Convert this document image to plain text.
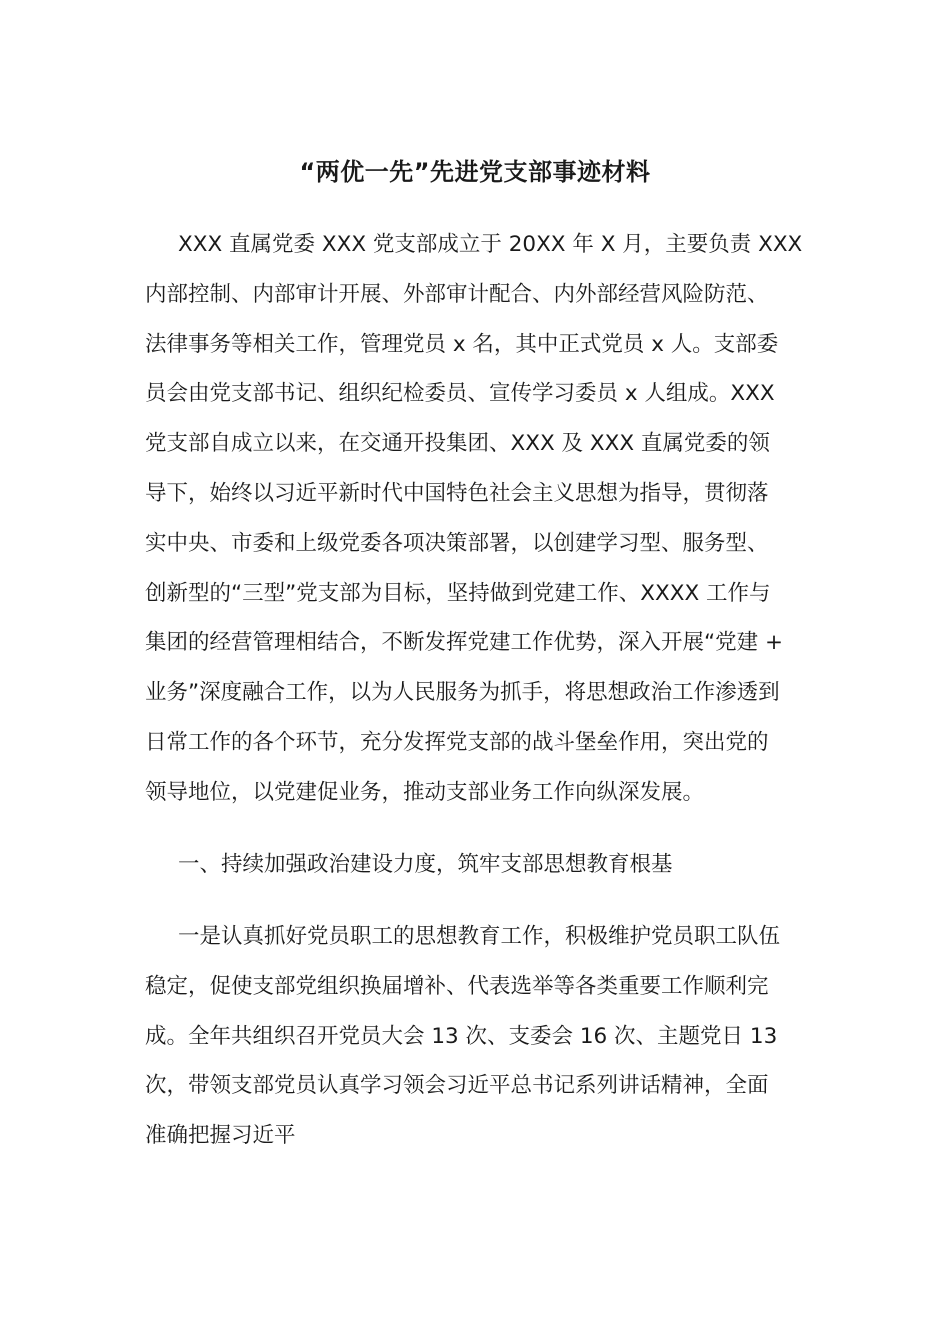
“两优一先”先进党支部事迹材料

XXX 直属党委 XXX 党支部成立于 20XX 年 X 月，主要负责 XXX
内部控制、内部审计开展、外部审计配合、内外部经营风险防范、
法律事务等相关工作，管理党员 x 名，其中正式党员 x 人。支部委
员会由党支部书记、组织纪检委员、宣传学习委员 x 人组成。XXX
党支部自成立以来，在交通开投集团、XXX 及 XXX 直属党委的领
导下，始终以习近平新时代中国特色社会主义思想为指导，贯彻落
实中央、市委和上级党委各项决策部署，以创建学习型、服务型、
创新型的“三型”党支部为目标，坚持做到党建工作、XXXX 工作与
集团的经营管理相结合，不断发挥党建工作优势，深入开展“党建 +
业务”深度融合工作，以为人民服务为抓手，将思想政治工作渗透到
日常工作的各个环节，充分发挥党支部的战斗堡垒作用，突出党的
领导地位，以党建促业务，推动支部业务工作向纵深发展。

一、持续加强政治建设力度，筑牢支部思想教育根基

一是认真抓好党员职工的思想教育工作，积极维护党员职工队伍
稳定，促使支部党组织换届增补、代表选举等各类重要工作顺利完
成。全年共组织召开党员大会 13 次、支委会 16 次、主题党日 13
次，带领支部党员认真学习领会习近平总书记系列讲话精神，全面
准确把握习近平
